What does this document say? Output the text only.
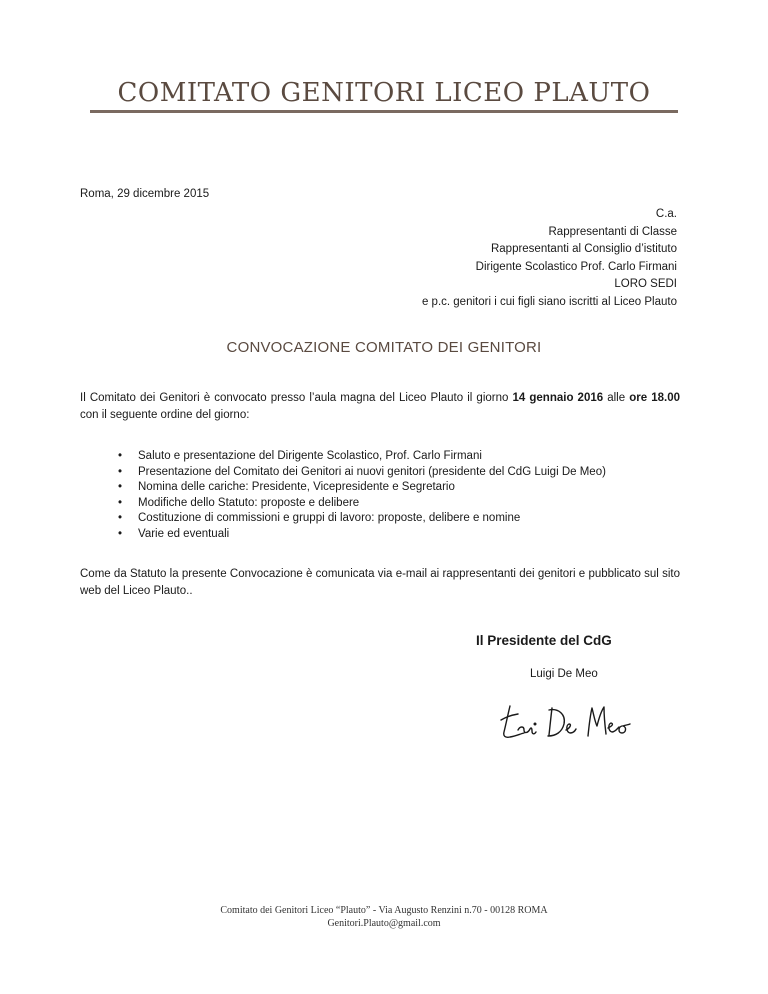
COMITATO GENITORI LICEO PLAUTO
Roma, 29 dicembre 2015
C.a.
Rappresentanti di Classe
Rappresentanti al Consiglio d’istituto
Dirigente Scolastico Prof. Carlo Firmani
LORO SEDI
e p.c. genitori i cui figli siano iscritti al Liceo Plauto
CONVOCAZIONE COMITATO DEI GENITORI
Il Comitato dei Genitori è convocato presso l’aula magna del Liceo Plauto il giorno 14 gennaio 2016 alle ore 18.00 con il seguente ordine del giorno:
• Saluto e presentazione del Dirigente Scolastico, Prof. Carlo Firmani
• Presentazione del Comitato dei Genitori ai nuovi genitori (presidente del CdG Luigi De Meo)
• Nomina delle cariche: Presidente, Vicepresidente e Segretario
• Modifiche dello Statuto: proposte e delibere
• Costituzione di commissioni e gruppi di lavoro: proposte, delibere e nomine
• Varie ed eventuali
Come da Statuto la presente Convocazione è comunicata via e-mail ai rappresentanti dei genitori e pubblicato sul sito web del Liceo Plauto..
Il Presidente del CdG
Luigi De Meo
Comitato dei Genitori Liceo “Plauto” - Via Augusto Renzini n.70 - 00128 ROMA
Genitori.Plauto@gmail.com
